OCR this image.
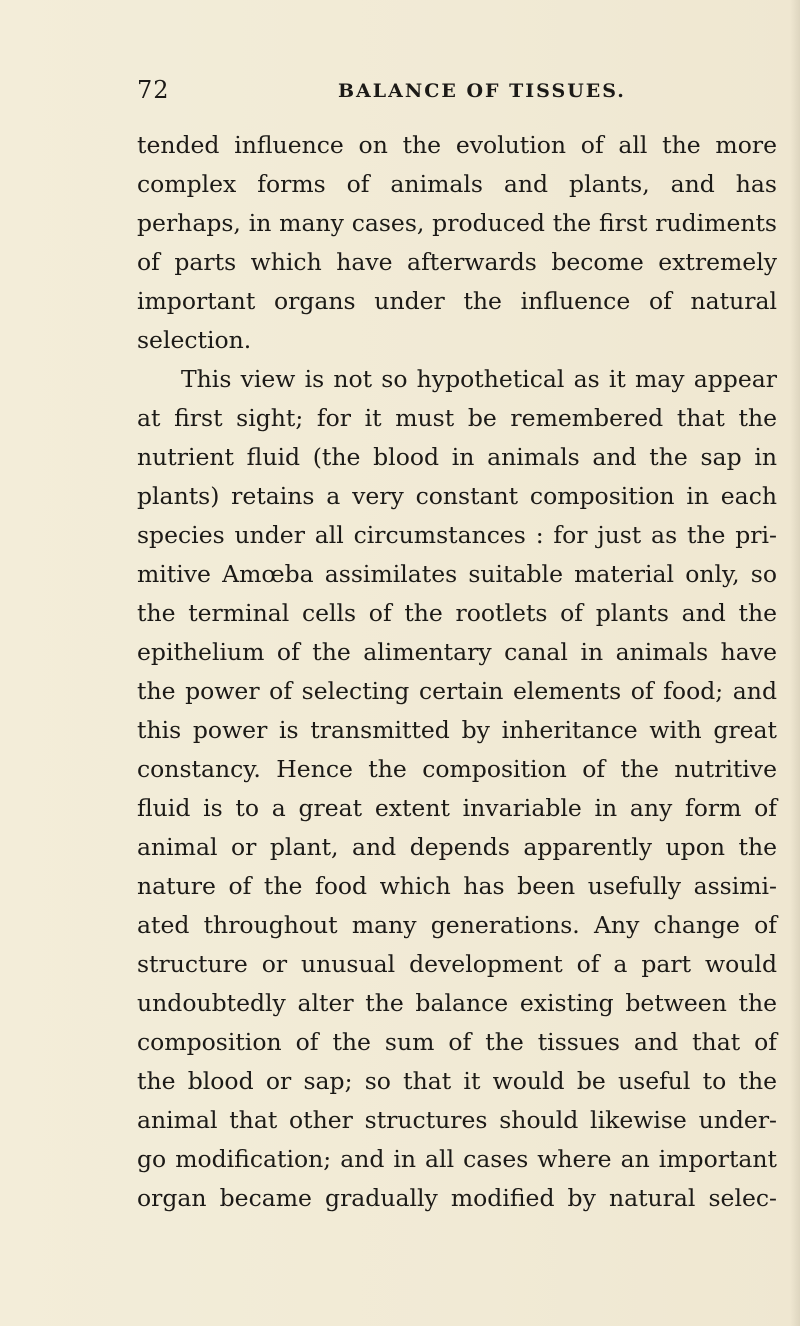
72	BALANCE OF TISSUES.
tended influence on the evolution of all the more
complex forms of animals and plants, and has
perhaps, in many cases, produced the first rudiments
of parts which have afterwards become extremely
important organs under the influence of natural
selection.
This view is not so hypothetical as it may appear
at first sight; for it must be remembered that the
nutrient fluid (the blood in animals and the sap in
plants) retains a very constant composition in each
species under all circumstances : for just as the pri-
mitive Amœba assimilates suitable material only, so
the terminal cells of the rootlets of plants and the
epithelium of the alimentary canal in animals have
the power of selecting certain elements of food; and
this power is transmitted by inheritance with great
constancy. Hence the composition of the nutritive
fluid is to a great extent invariable in any form of
animal or plant, and depends apparently upon the
nature of the food which has been usefully assimi-
ated throughout many generations. Any change of
structure or unusual development of a part would
undoubtedly alter the balance existing between the
composition of the sum of the tissues and that of
the blood or sap; so that it would be useful to the
animal that other structures should likewise under-
go modification; and in all cases where an important
organ became gradually modified by natural selec-
